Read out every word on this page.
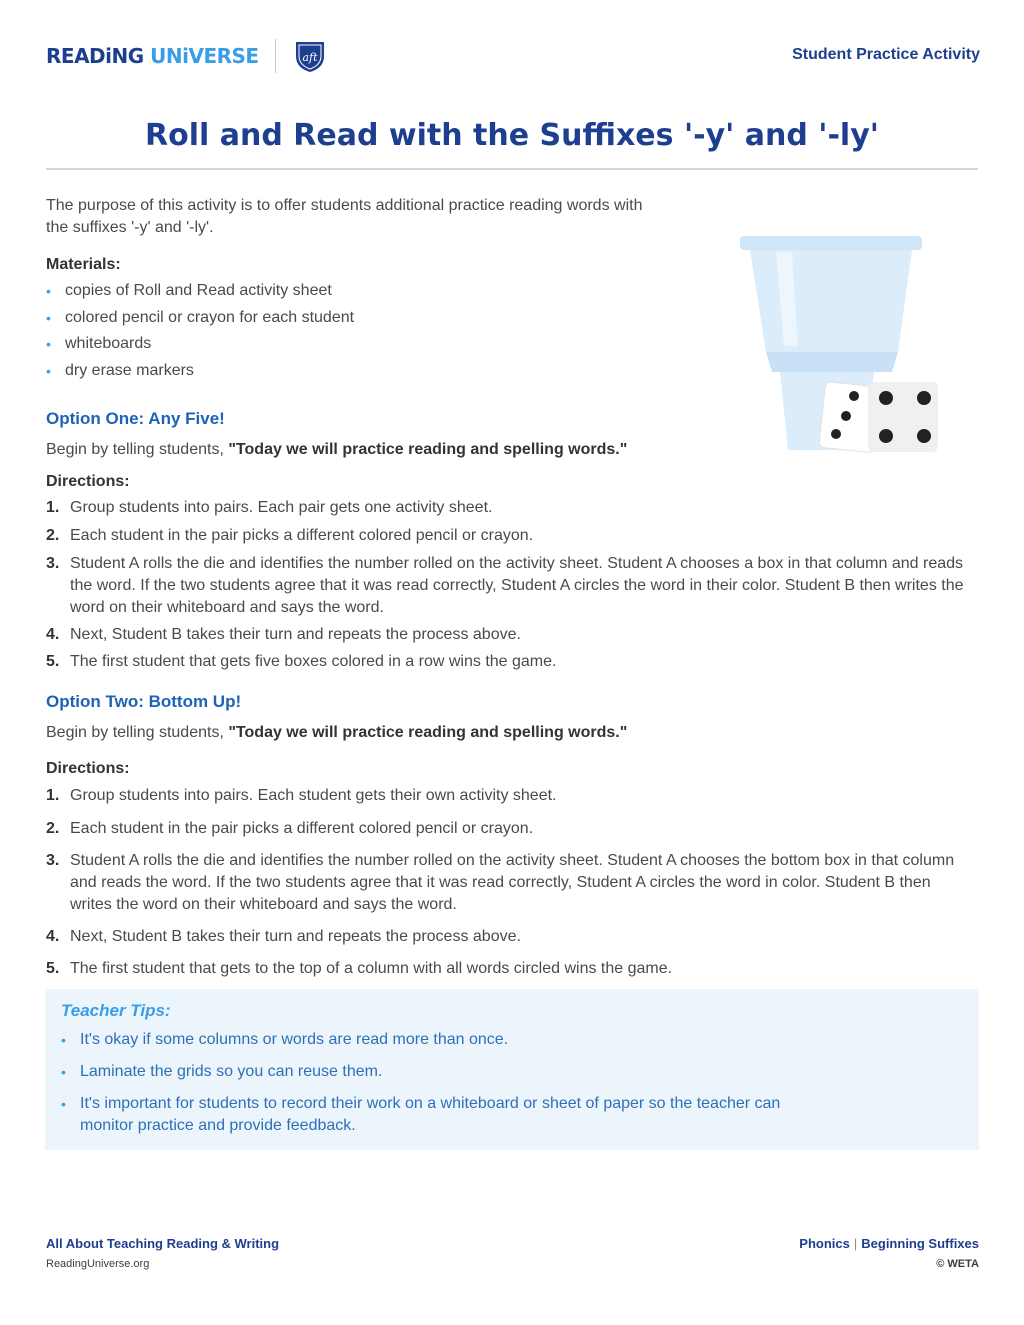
READiNG UNiVERSE	aft	Student Practice Activity
Roll and Read with the Suffixes '-y' and '-ly'

The purpose of this activity is to offer students additional practice reading words with the suffixes '-y' and '-ly'.

Materials:
• copies of Roll and Read activity sheet
• colored pencil or crayon for each student
• whiteboards
• dry erase markers
Option One: Any Five!
Begin by telling students, "Today we will practice reading and spelling words."
Directions:
1. Group students into pairs. Each pair gets one activity sheet.
2. Each student in the pair picks a different colored pencil or crayon.
3. Student A rolls the die and identifies the number rolled on the activity sheet. Student A chooses a box in that column and reads the word. If the two students agree that it was read correctly, Student A circles the word in their color. Student B then writes the word on their whiteboard and says the word.
4. Next, Student B takes their turn and repeats the process above.
5. The first student that gets five boxes colored in a row wins the game.
Option Two: Bottom Up!
Begin by telling students, "Today we will practice reading and spelling words."
Directions:
1. Group students into pairs. Each student gets their own activity sheet.
2. Each student in the pair picks a different colored pencil or crayon.
3. Student A rolls the die and identifies the number rolled on the activity sheet. Student A chooses the bottom box in that column and reads the word. If the two students agree that it was read correctly, Student A circles the word in color. Student B then writes the word on their whiteboard and says the word.
4. Next, Student B takes their turn and repeats the process above.
5. The first student that gets to the top of a column with all words circled wins the game.
Teacher Tips:
• It's okay if some columns or words are read more than once.
• Laminate the grids so you can reuse them.
• It's important for students to record their work on a whiteboard or sheet of paper so the teacher can monitor practice and provide feedback.
All About Teaching Reading & Writing
ReadingUniverse.org
Phonics | Beginning Suffixes
© WETA
